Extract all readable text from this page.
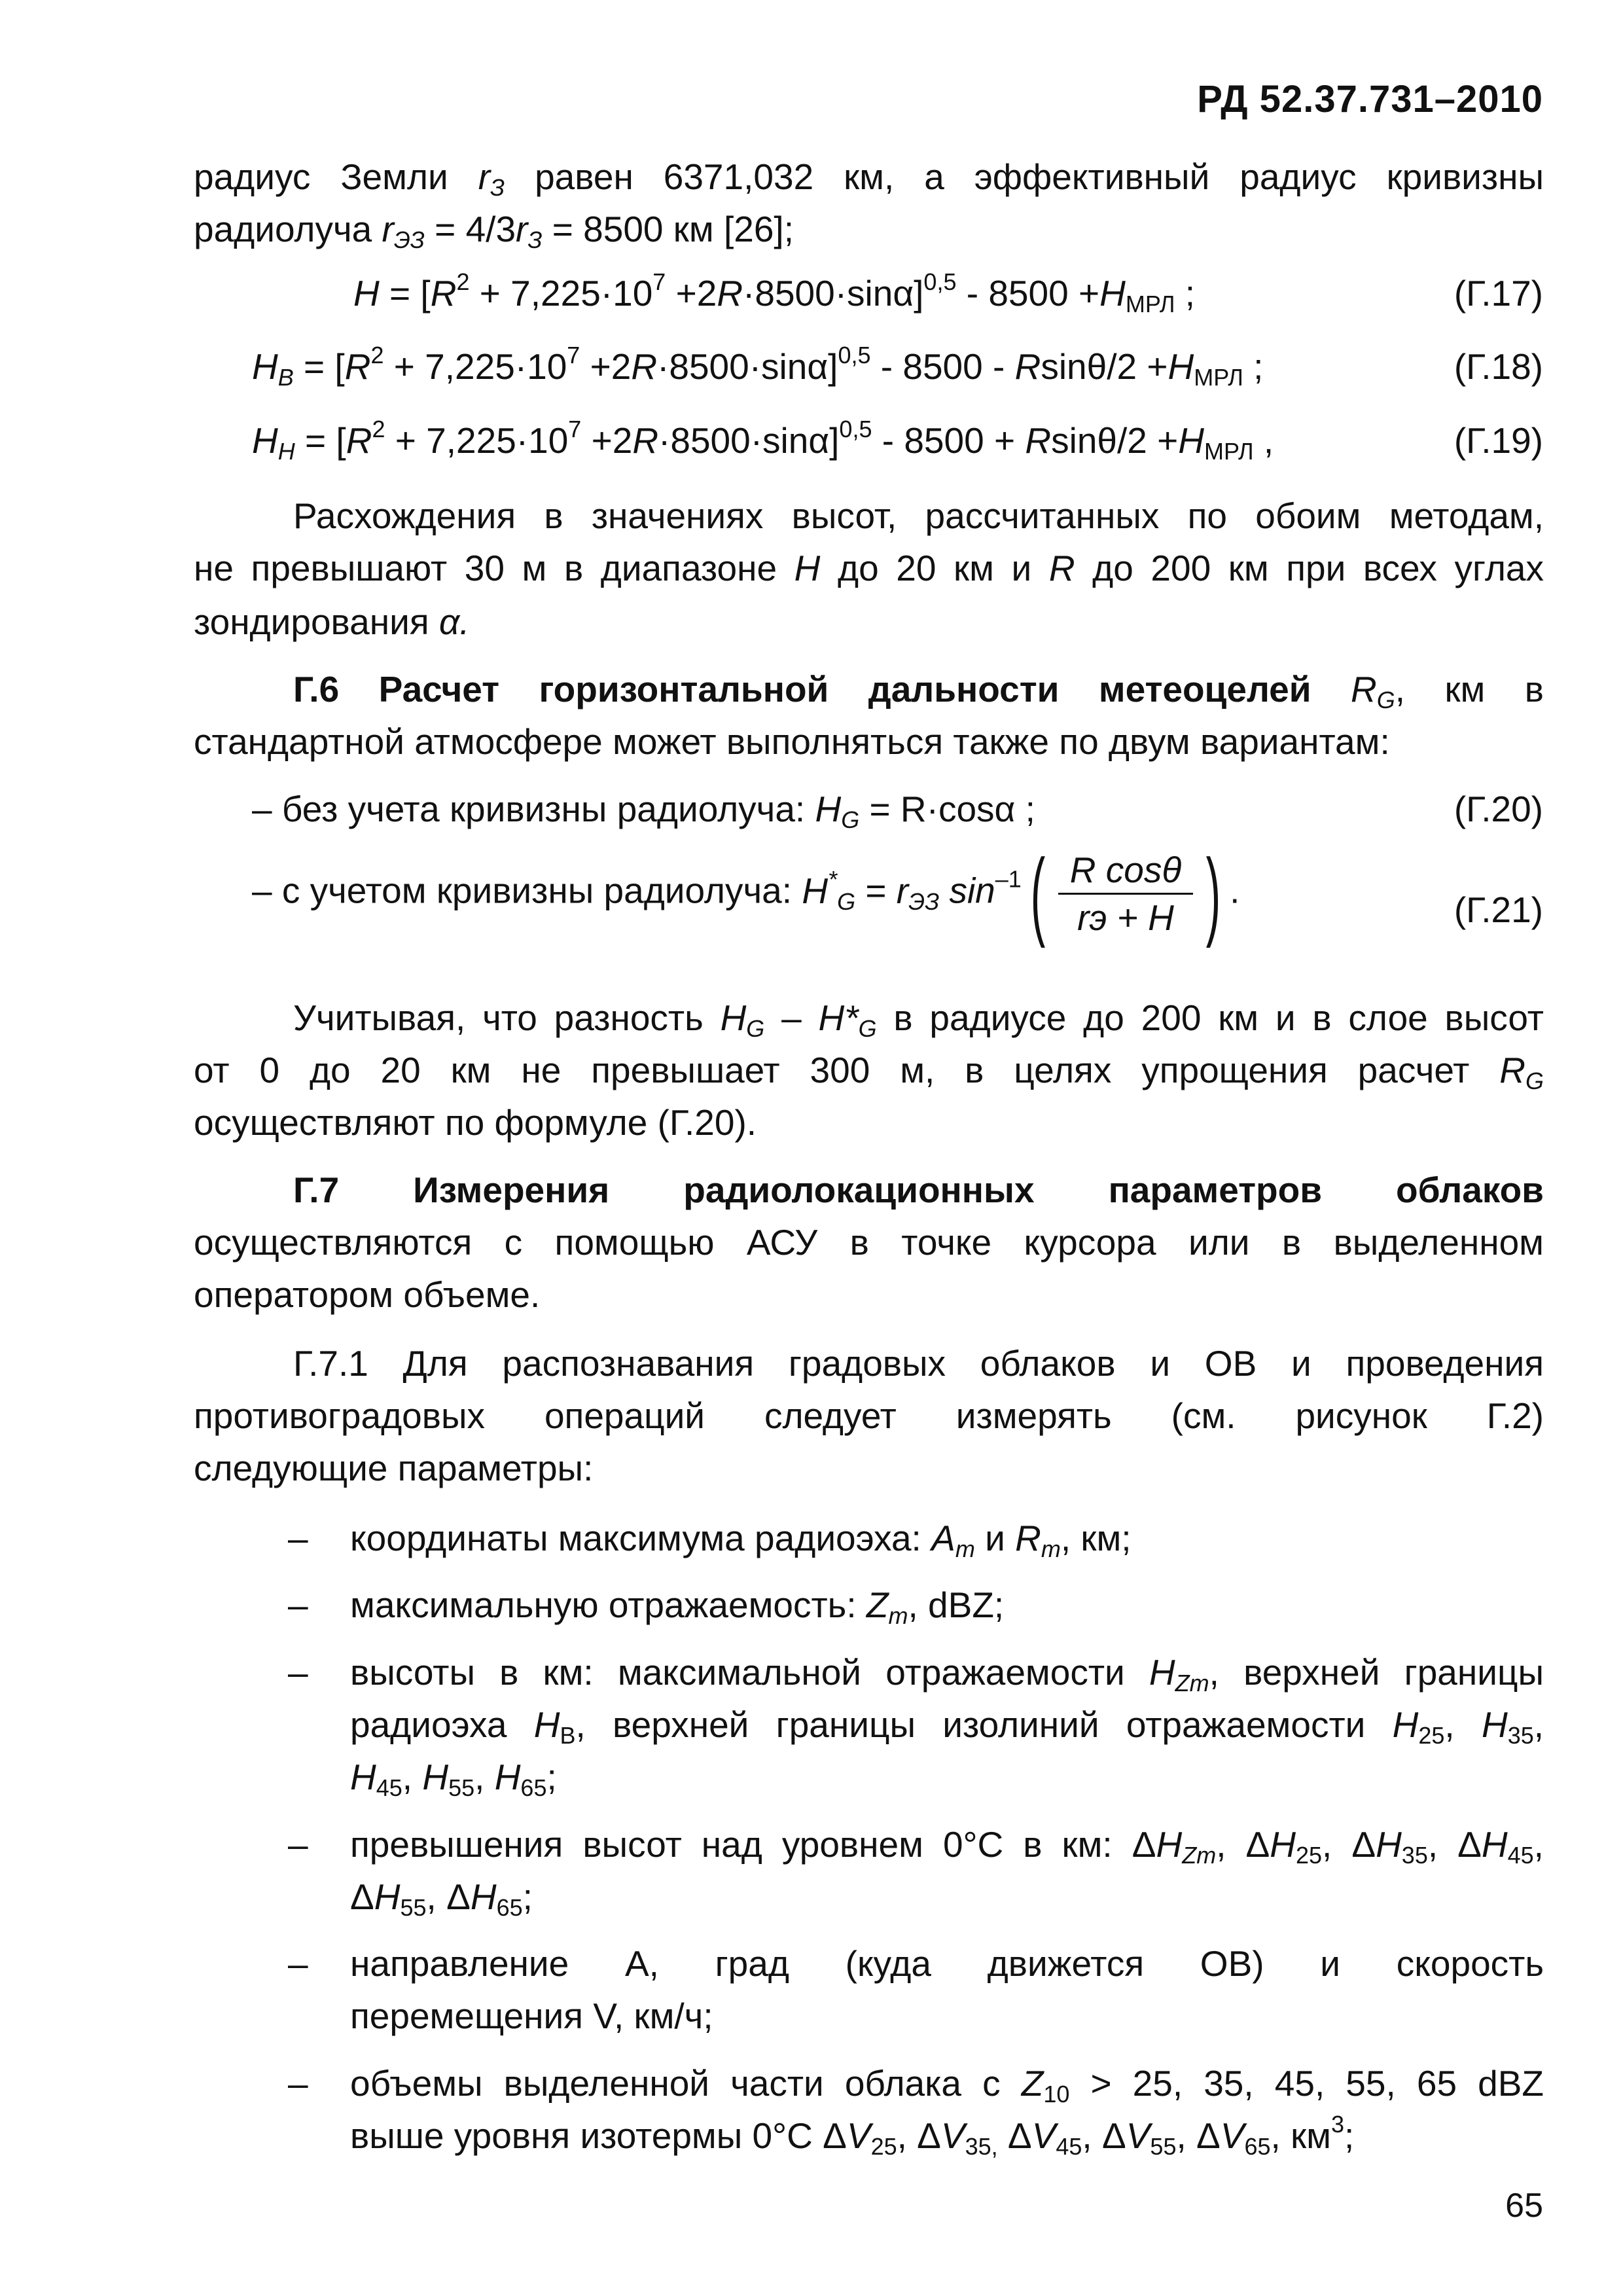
РД 52.37.731–2010
радиус Земли $r_З$ равен 6371,032 км, а эффективный радиус кривизны
радиолуча $r_{ЭЗ} = 4/3r_З = 8500$ км [26];
$H = [R^2 + 7,225\cdot 10^7 +2R\cdot 8500\cdot\sin\alpha]^{0,5} - 8500 +H_{МРЛ}$ ;	(Г.17)
$H_В = [R^2 + 7,225\cdot 10^7 +2R\cdot 8500\cdot\sin\alpha]^{0,5} - 8500 - Rsin\theta/2 +H_{МРЛ}$ ;	(Г.18)
$H_Н = [R^2 + 7,225\cdot 10^7 +2R\cdot 8500\cdot\sin\alpha]^{0,5} - 8500 + Rsin\theta/2 +H_{МРЛ}$ ,	(Г.19)
Расхождения в значениях высот, рассчитанных по обоим методам,
не превышают 30 м в диапазоне H до 20 км и R до 200 км при всех углах
зондирования α.
Г.6 Расчет горизонтальной дальности метеоцелей $R_G$, км в
стандартной атмосфере может выполняться также по двум вариантам:
– без учета кривизны радиолуча: $H_G = R\cdot\cos\alpha$ ;	(Г.20)
– с учетом кривизны радиолуча: $H^*_G = r_{ЭЗ}$ $\sin^{-1}( \frac{\text{R cosθ}}{rэ + H}$ ) .	(Г.21)
Учитывая, что разность $H_G - H*_G$ в радиусе до 200 км и в слое высот
от 0 до 20 км не превышает 300 м, в целях упрощения расчет $R_G$
осуществляют по формуле (Г.20).
Г.7 Измерения радиолокационных параметров облаков
осуществляются с помощью АСУ в точке курсора или в выделенном
оператором объеме.
Г.7.1 Для распознавания градовых облаков и ОВ и проведения
противоградовых операций следует измерять (см. рисунок Г.2)
следующие параметры:
– координаты максимума радиоэха: $A_m$ и $R_m$, км;
– максимальную отражаемость: $Z_m$, dBZ;
– высоты в км: максимальной отражаемости $H_{Zm}$, верхней границы
радиоэха $H_В$, верхней границы изолиний отражаемости $H_{25}$, $H_{35}$,
$H_{45}$, $H_{55}$, $H_{65}$;
– превышения высот над уровнем 0°С в км: $\Delta H_{Zm}$, $\Delta H_{25}$, $\Delta H_{35}$, $\Delta H_{45}$,
$\Delta H_{55}$, $\Delta H_{65}$;
– направление А, град (куда движется ОВ) и скорость
перемещения V, км/ч;
– объемы выделенной части облака с $Z_{10} > 25$, 35, 45, 55, 65 dBZ
выше уровня изотермы 0°С $\Delta V_{25}$, $\Delta V_{35,}$ $\Delta V_{45}$, $\Delta V_{55}$, $\Delta V_{65}$, $км^3$;
65
